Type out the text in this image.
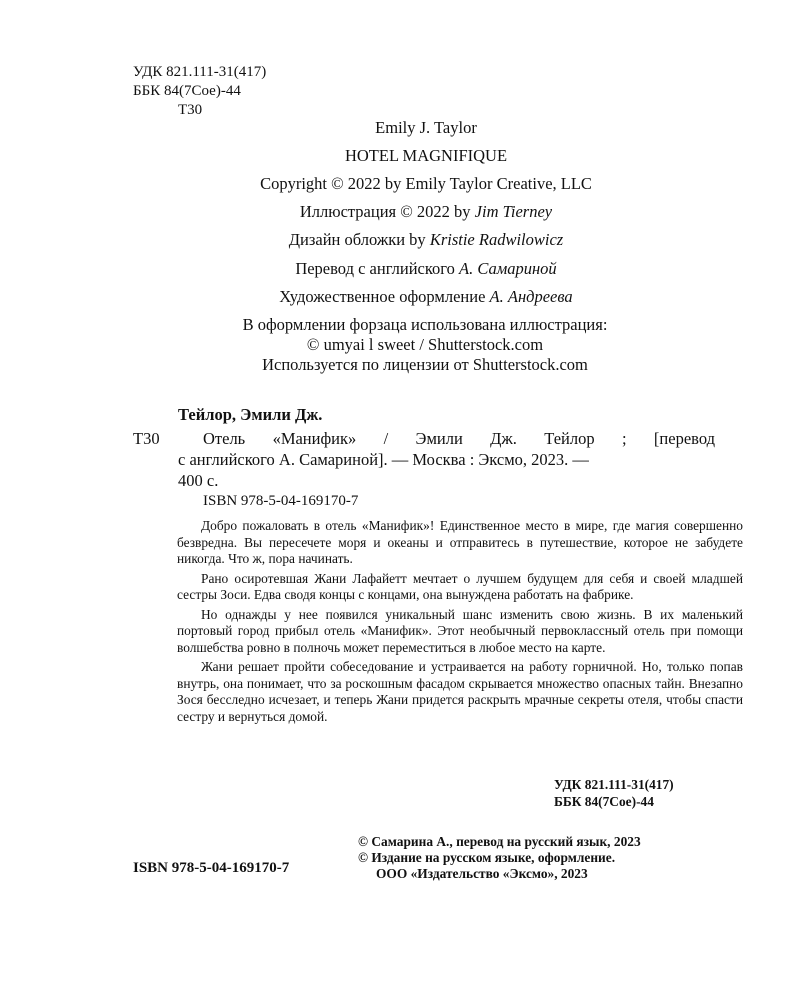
УДК 821.111-31(417)
ББК 84(7Сое)-44
Т30
Emily J. Taylor
HOTEL MAGNIFIQUE
Copyright © 2022 by Emily Taylor Creative, LLC
Иллюстрация © 2022 by Jim Tierney
Дизайн обложки by Kristie Radwilowicz
Перевод с английского А. Самариной
Художественное оформление А. Андреева
В оформлении форзаца использована иллюстрация:
© umyai l sweet / Shutterstock.com
Используется по лицензии от Shutterstock.com
Тейлор, Эмили Дж.
Т30	Отель «Манифик» / Эмили Дж. Тейлор ; [перевод
с английского А. Самариной]. — Москва : Эксмо, 2023. —
400 с.
ISBN 978-5-04-169170-7

Добро пожаловать в отель «Манифик»! Единственное место в мире, где магия совершенно безвредна. Вы пересечете моря и океаны и отправитесь в путешествие, которое не забудете никогда. Что ж, пора начинать.

Рано осиротевшая Жани Лафайетт мечтает о лучшем будущем для себя и своей младшей сестры Зоси. Едва сводя концы с концами, она вынуждена работать на фабрике.

Но однажды у нее появился уникальный шанс изменить свою жизнь. В их маленький портовый город прибыл отель «Манифик». Этот необычный первоклассный отель при помощи волшебства ровно в полночь может переместиться в любое место на карте.

Жани решает пройти собеседование и устраивается на работу горничной. Но, только попав внутрь, она понимает, что за роскошным фасадом скрывается множество опасных тайн. Внезапно Зося бесследно исчезает, и теперь Жани придется раскрыть мрачные секреты отеля, чтобы спасти сестру и вернуться домой.

УДК 821.111-31(417)
ББК 84(7Сое)-44
ISBN 978-5-04-169170-7
© Самарина А., перевод на русский язык, 2023
© Издание на русском языке, оформление.
ООО «Издательство «Эксмо», 2023
